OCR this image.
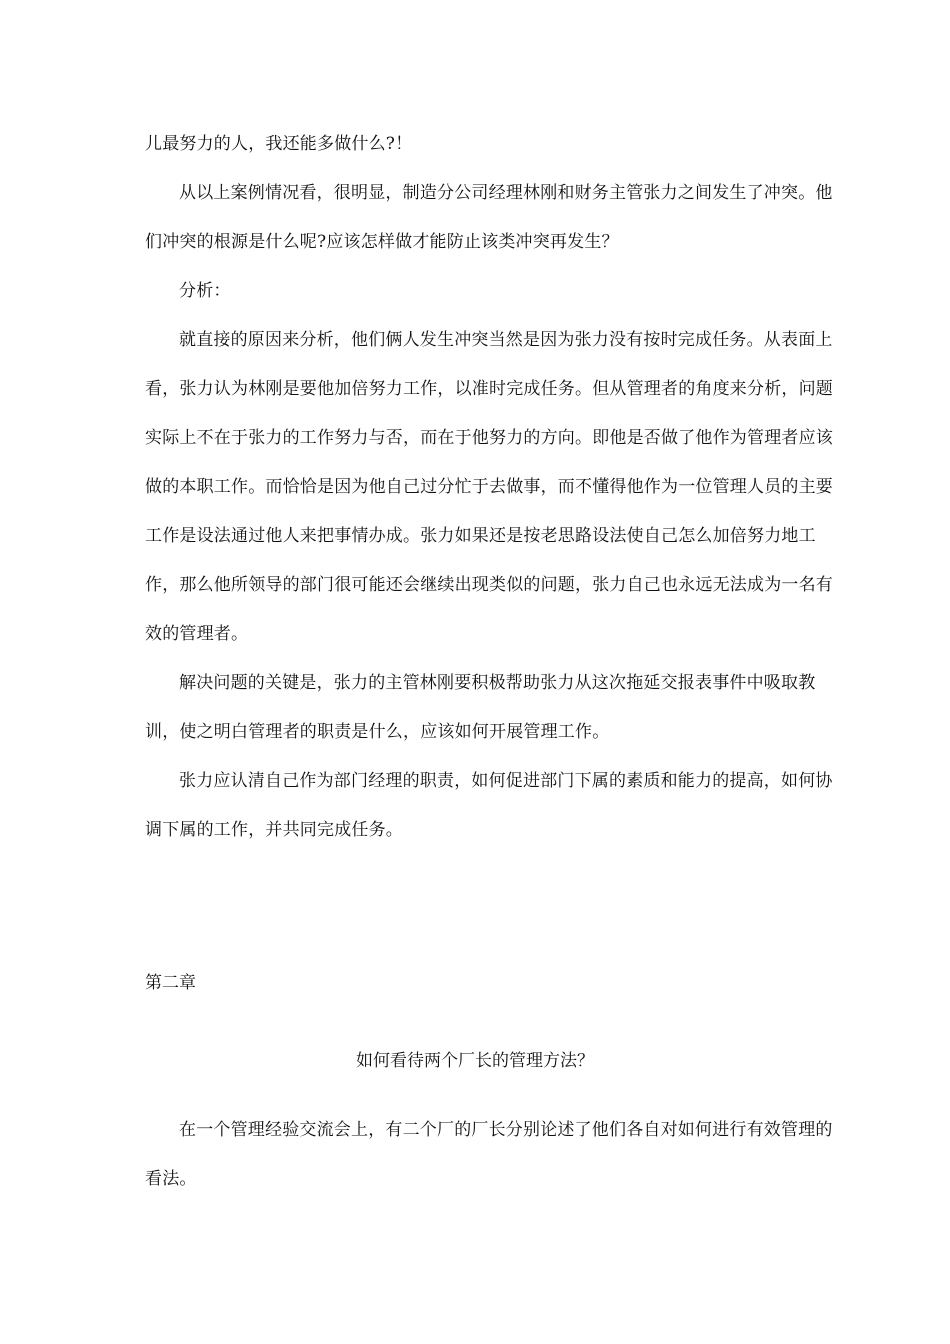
儿最努力的人，我还能多做什么?！
从以上案例情况看，很明显，制造分公司经理林刚和财务主管张力之间发生了冲突。他
们冲突的根源是什么呢?应该怎样做才能防止该类冲突再发生？
分析：
就直接的原因来分析，他们俩人发生冲突当然是因为张力没有按时完成任务。从表面上
看，张力认为林刚是要他加倍努力工作，以准时完成任务。但从管理者的角度来分析，问题
实际上不在于张力的工作努力与否，而在于他努力的方向。即他是否做了他作为管理者应该
做的本职工作。而恰恰是因为他自己过分忙于去做事，而不懂得他作为一位管理人员的主要
工作是设法通过他人来把事情办成。张力如果还是按老思路设法使自己怎么加倍努力地工
作，那么他所领导的部门很可能还会继续出现类似的问题，张力自己也永远无法成为一名有
效的管理者。
解决问题的关键是，张力的主管林刚要积极帮助张力从这次拖延交报表事件中吸取教
训，使之明白管理者的职责是什么，应该如何开展管理工作。
张力应认清自己作为部门经理的职责，如何促进部门下属的素质和能力的提高，如何协
调下属的工作，并共同完成任务。
第二章
如何看待两个厂长的管理方法？
在一个管理经验交流会上，有二个厂的厂长分别论述了他们各自对如何进行有效管理的
看法。
